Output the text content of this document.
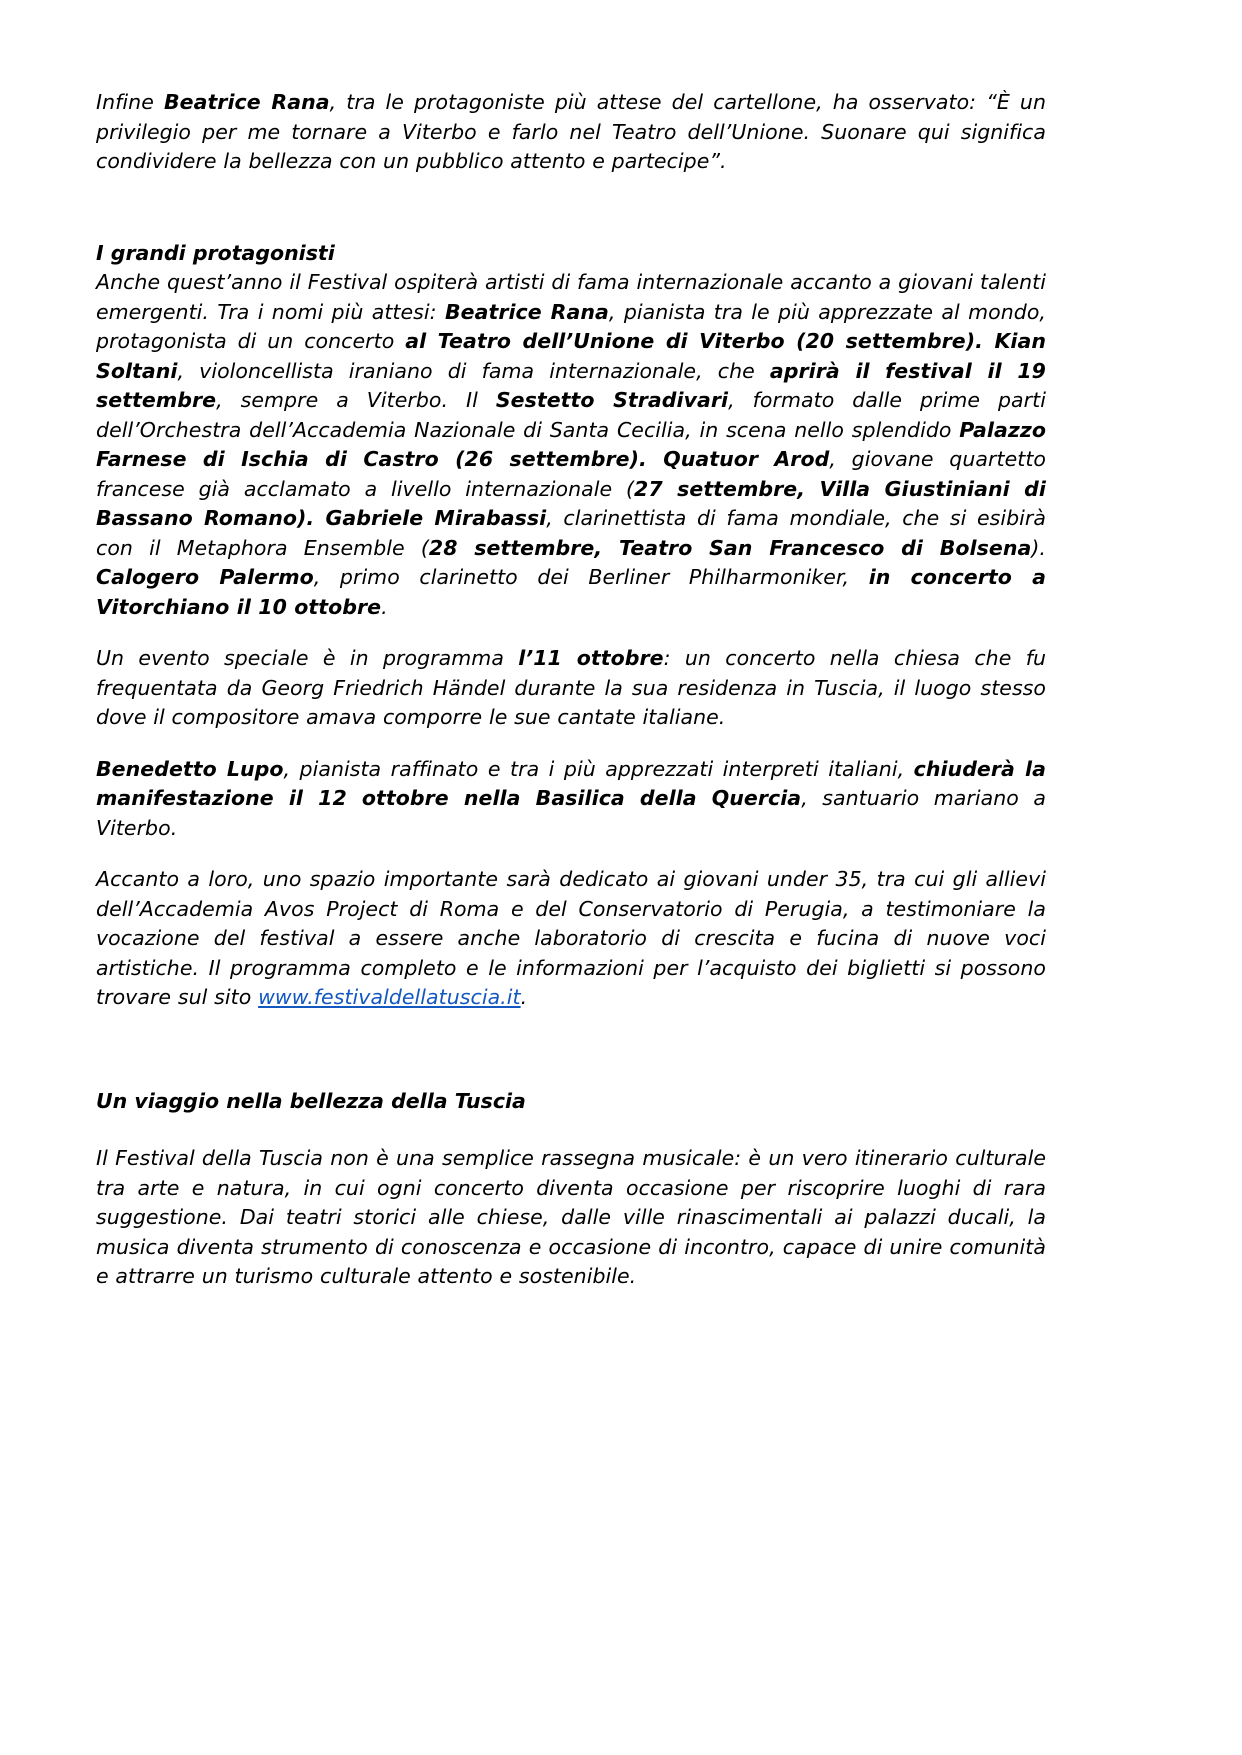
Infine Beatrice Rana, tra le protagoniste più attese del cartellone, ha osservato: “È un privilegio per me tornare a Viterbo e farlo nel Teatro dell’Unione. Suonare qui significa condividere la bellezza con un pubblico attento e partecipe”.

I grandi protagonisti

Anche quest’anno il Festival ospiterà artisti di fama internazionale accanto a giovani talenti emergenti. Tra i nomi più attesi: Beatrice Rana, pianista tra le più apprezzate al mondo, protagonista di un concerto al Teatro dell’Unione di Viterbo (20 settembre). Kian Soltani, violoncellista iraniano di fama internazionale, che aprirà il festival il 19 settembre, sempre a Viterbo. Il Sestetto Stradivari, formato dalle prime parti dell’Orchestra dell’Accademia Nazionale di Santa Cecilia, in scena nello splendido Palazzo Farnese di Ischia di Castro (26 settembre). Quatuor Arod, giovane quartetto francese già acclamato a livello internazionale (27 settembre, Villa Giustiniani di Bassano Romano). Gabriele Mirabassi, clarinettista di fama mondiale, che si esibirà con il Metaphora Ensemble (28 settembre, Teatro San Francesco di Bolsena). Calogero Palermo, primo clarinetto dei Berliner Philharmoniker, in concerto a Vitorchiano il 10 ottobre.

Un evento speciale è in programma l’11 ottobre: un concerto nella chiesa che fu frequentata da Georg Friedrich Händel durante la sua residenza in Tuscia, il luogo stesso dove il compositore amava comporre le sue cantate italiane.

Benedetto Lupo, pianista raffinato e tra i più apprezzati interpreti italiani, chiuderà la manifestazione il 12 ottobre nella Basilica della Quercia, santuario mariano a Viterbo.

Accanto a loro, uno spazio importante sarà dedicato ai giovani under 35, tra cui gli allievi dell’Accademia Avos Project di Roma e del Conservatorio di Perugia, a testimoniare la vocazione del festival a essere anche laboratorio di crescita e fucina di nuove voci artistiche. Il programma completo e le informazioni per l’acquisto dei biglietti si possono trovare sul sito www.festivaldellatuscia.it.

Un viaggio nella bellezza della Tuscia

Il Festival della Tuscia non è una semplice rassegna musicale: è un vero itinerario culturale tra arte e natura, in cui ogni concerto diventa occasione per riscoprire luoghi di rara suggestione. Dai teatri storici alle chiese, dalle ville rinascimentali ai palazzi ducali, la musica diventa strumento di conoscenza e occasione di incontro, capace di unire comunità e attrarre un turismo culturale attento e sostenibile.
